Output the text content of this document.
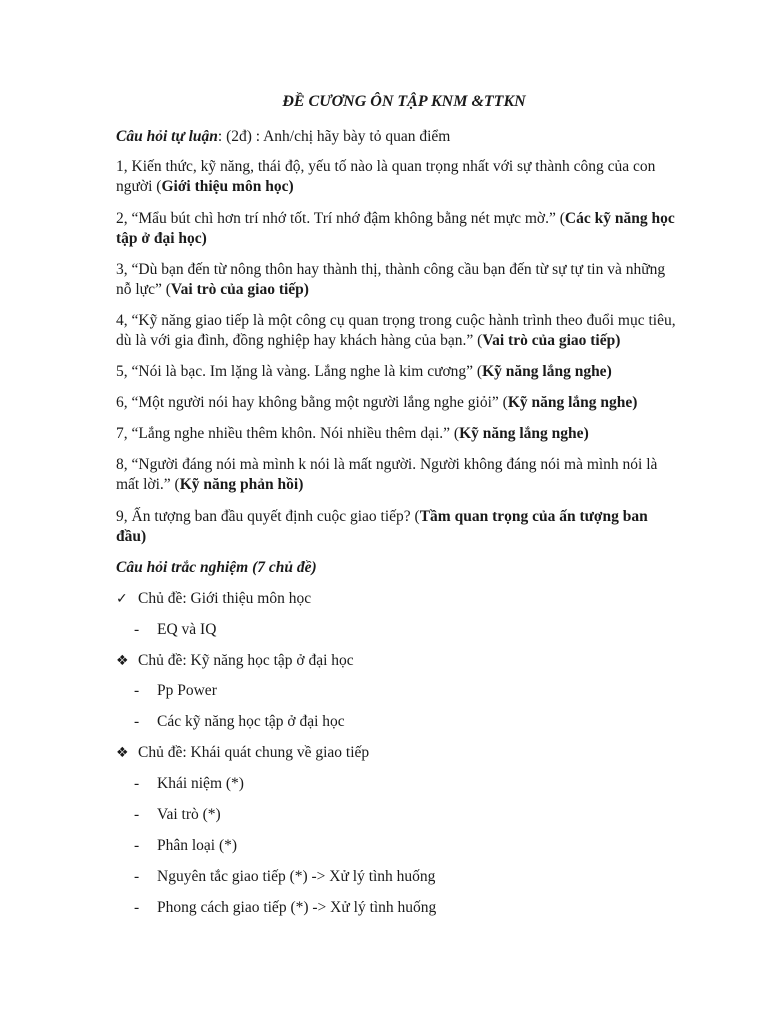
ĐỀ CƯƠNG ÔN TẬP KNM &TTKN
Câu hỏi tự luận: (2đ) : Anh/chị hãy bày tỏ quan điểm
1, Kiến thức, kỹ năng, thái độ, yếu tố nào là quan trọng nhất với sự thành công của con người (Giới thiệu môn học)
2, “Mẩu bút chì hơn trí nhớ tốt. Trí nhớ đậm không bằng nét mực mờ.” (Các kỹ năng học tập ở đại học)
3, “Dù bạn đến từ nông thôn hay thành thị, thành công cầu bạn đến từ sự tự tin và những nỗ lực” (Vai trò của giao tiếp)
4, “Kỹ năng giao tiếp là một công cụ quan trọng trong cuộc hành trình theo đuổi mục tiêu, dù là với gia đình, đồng nghiệp hay khách hàng của bạn.” (Vai trò của giao tiếp)
5, “Nói là bạc. Im lặng là vàng. Lắng nghe là kim cương” (Kỹ năng lắng nghe)
6, “Một người nói hay không bằng một người lắng nghe giỏi” (Kỹ năng lắng nghe)
7, “Lắng nghe nhiều thêm khôn. Nói nhiều thêm dại.” (Kỹ năng lắng nghe)
8, “Người đáng nói mà mình k nói là mất người. Người không đáng nói mà mình nói là mất lời.” (Kỹ năng phản hồi)
9, Ấn tượng ban đầu quyết định cuộc giao tiếp? (Tầm quan trọng của ấn tượng ban đầu)
Câu hỏi trắc nghiệm (7 chủ đề)
✓ Chủ đề: Giới thiệu môn học
-	EQ và IQ
❖ Chủ đề: Kỹ năng học tập ở đại học
-	Pp Power
-	Các kỹ năng học tập ở đại học
❖ Chủ đề: Khái quát chung về giao tiếp
-	Khái niệm (*)
-	Vai trò (*)
-	Phân loại (*)
-	Nguyên tắc giao tiếp (*) -> Xử lý tình huống
-	Phong cách giao tiếp (*) -> Xử lý tình huống
